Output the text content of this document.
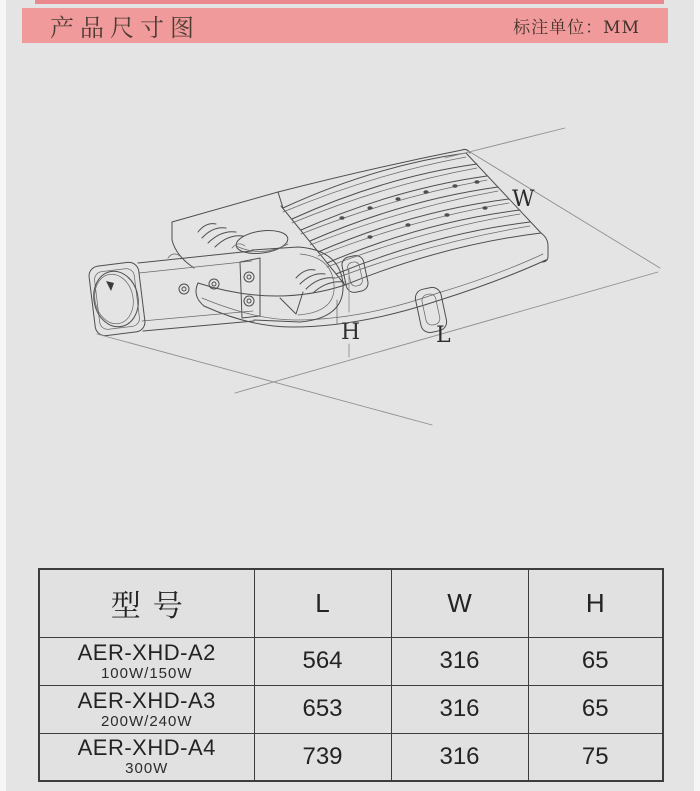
产品尺寸图	标注单位：MM
W
H	L
型号	L	W	H

AER-XHD-A2
100W/150W	564	316	65

AER-XHD-A3
200W/240W	653	316	65

AER-XHD-A4
300W	739	316	75
